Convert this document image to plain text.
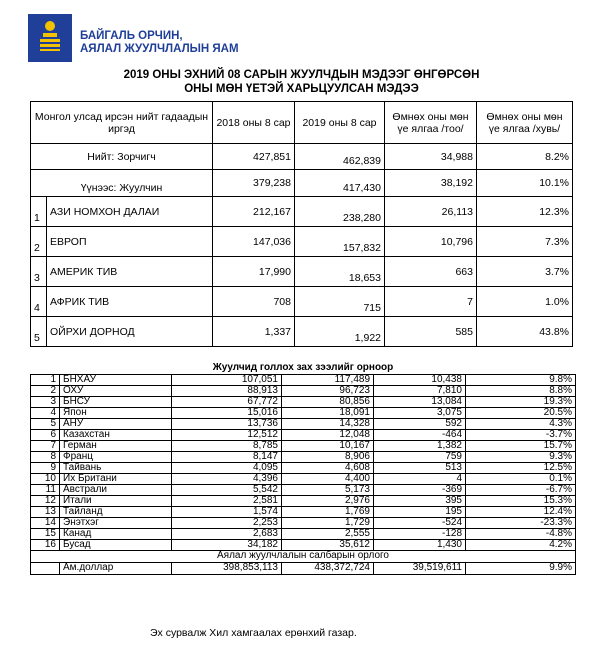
БАЙГАЛЬ ОРЧИН,
АЯЛАЛ ЖУУЛЧЛАЛЫН ЯАМ
2019 ОНЫ ЭХНИЙ 08 САРЫН ЖУУЛЧДЫН МЭДЭЭГ ӨНГӨРСӨН
ОНЫ МӨН ҮЕТЭЙ ХАРЬЦУУЛСАН МЭДЭЭ
Монгол улсад ирсэн нийт гадаадын иргэд		2018 оны 8 сар	2019 оны 8 сар	Өмнөх оны мөн үе ялгаа /тоо/	Өмнөх оны мөн үе ялгаа /хувь/
Нийт: Зорчигч		427,851	462,839	34,988	8.2%
Үүнээс: Жуулчин		379,238	417,430	38,192	10.1%
1	АЗИ НОМХОН ДАЛАИ	212,167	238,280	26,113	12.3%
2	ЕВРОП	147,036	157,832	10,796	7.3%
3	АМЕРИК ТИВ	17,990	18,653	663	3.7%
4	АФРИК ТИВ	708	715	7	1.0%
5	ОЙРХИ ДОРНОД	1,337	1,922	585	43.8%
Жуулчид голлох зах зээлийг орноор					
1	БНХАУ	107,051	117,489	10,438	9.8%
2	ОХУ	88,913	96,723	7,810	8.8%
3	БНСУ	67,772	80,856	13,084	19.3%
4	Япон	15,016	18,091	3,075	20.5%
5	АНУ	13,736	14,328	592	4.3%
6	Казахстан	12,512	12,048	-464	-3.7%
7	Герман	8,785	10,167	1,382	15.7%
8	Франц	8,147	8,906	759	9.3%
9	Тайвань	4,095	4,608	513	12.5%
10	Их Британи	4,396	4,400	4	0.1%
11	Австрали	5,542	5,173	-369	-6.7%
12	Итали	2,581	2,976	395	15.3%
13	Тайланд	1,574	1,769	195	12.4%
14	Энэтхэг	2,253	1,729	-524	-23.3%
15	Канад	2,683	2,555	-128	-4.8%
16	Бусад	34,182	35,612	1,430	4.2%
Аялал жуулчлалын салбарын орлого					
	Ам.доллар	398,853,113	438,372,724	39,519,611	9.9%
Эх сурвалж Хил хамгаалах ерөнхий газар.
